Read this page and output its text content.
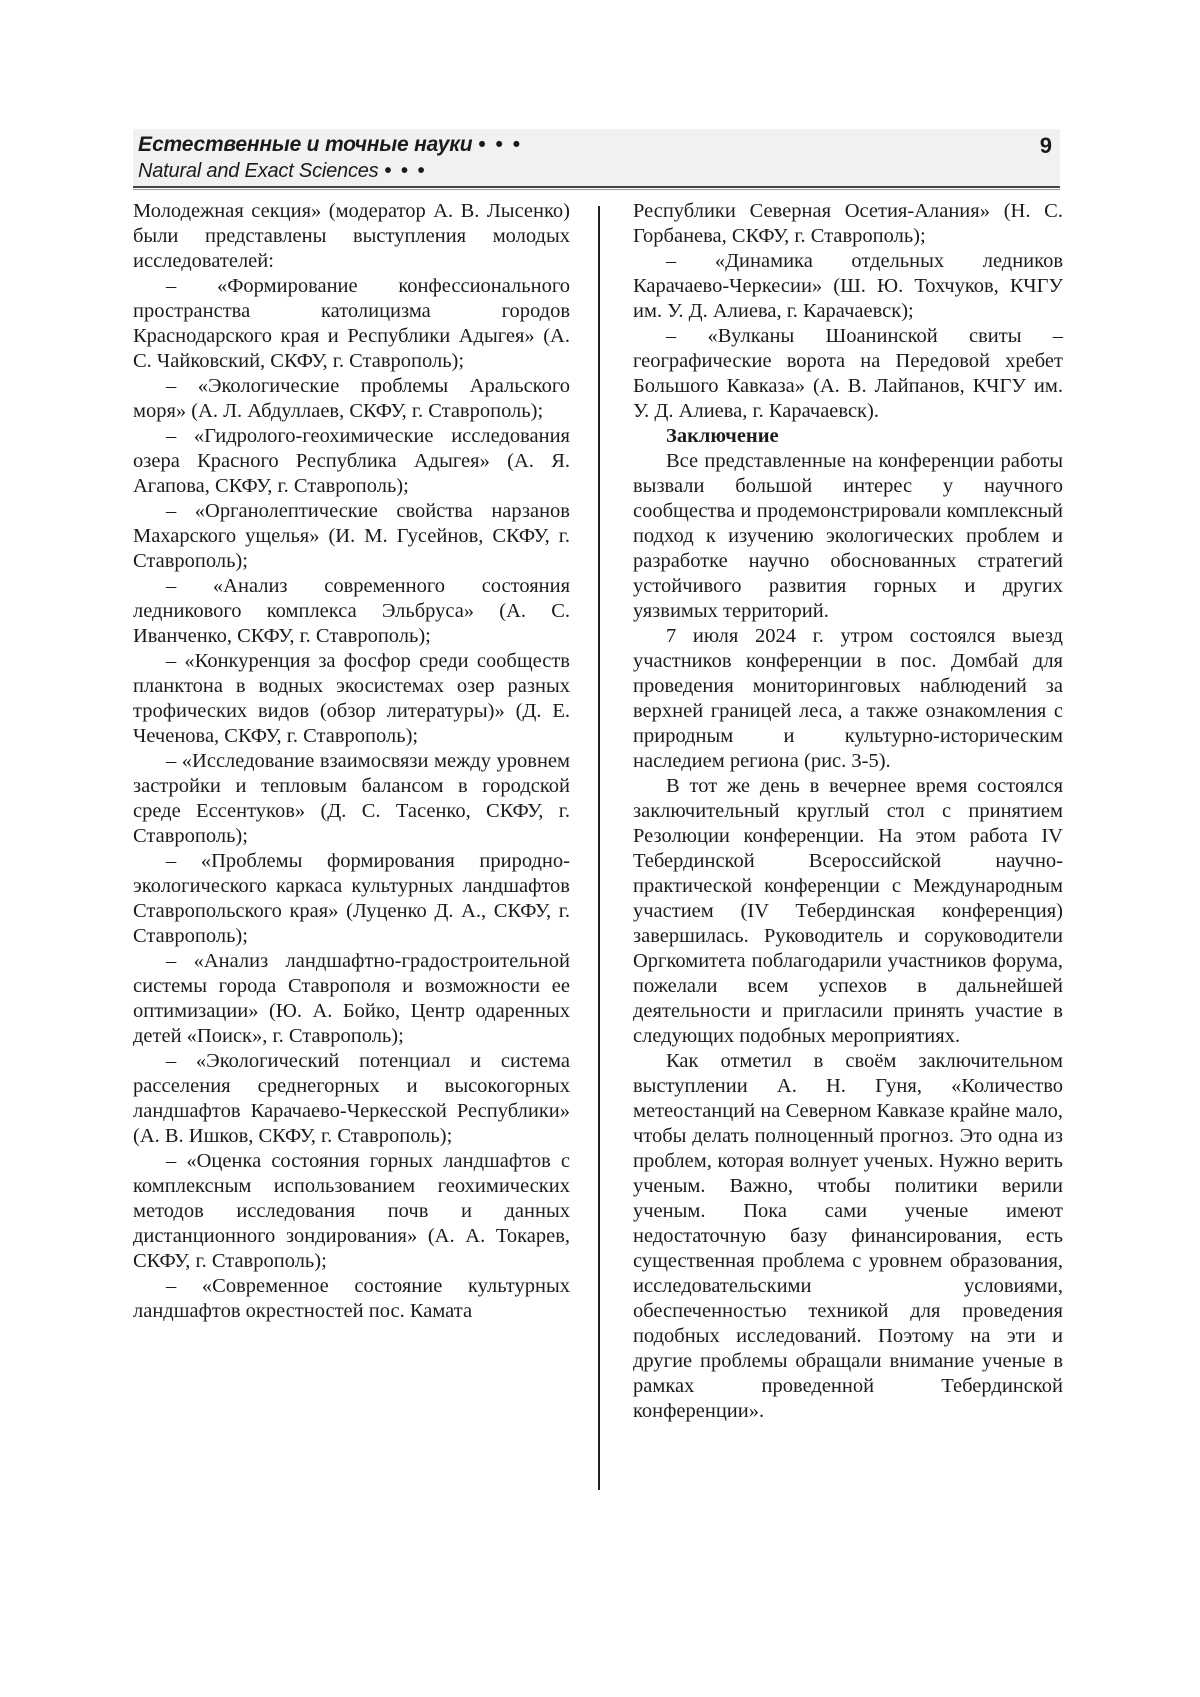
Естественные и точные науки • • •
Natural and Exact Sciences • • •
9

Молодежная секция» (модератор А. В. Лысенко) были представлены выступления молодых исследователей:

– «Формирование конфессионального пространства католицизма городов Краснодарского края и Республики Адыгея» (А. С. Чайковский, СКФУ, г. Ставрополь);

– «Экологические проблемы Аральского моря» (А. Л. Абдуллаев, СКФУ, г. Ставрополь);

– «Гидролого-геохимические исследования озера Красного Республика Адыгея» (А. Я. Агапова, СКФУ, г. Ставрополь);

– «Органолептические свойства нарзанов Махарского ущелья» (И. М. Гусейнов, СКФУ, г. Ставрополь);

– «Анализ современного состояния ледникового комплекса Эльбруса» (А. С. Иванченко, СКФУ, г. Ставрополь);

– «Конкуренция за фосфор среди сообществ планктона в водных экосистемах озер разных трофических видов (обзор литературы)» (Д. Е. Чеченова, СКФУ, г. Ставрополь);

– «Исследование взаимосвязи между уровнем застройки и тепловым балансом в городской среде Ессентуков» (Д. С. Тасенко, СКФУ, г. Ставрополь);

– «Проблемы формирования природно-экологического каркаса культурных ландшафтов Ставропольского края» (Луценко Д. А., СКФУ, г. Ставрополь);

– «Анализ ландшафтно-градостроительной системы города Ставрополя и возможности ее оптимизации» (Ю. А. Бойко, Центр одаренных детей «Поиск», г. Ставрополь);

– «Экологический потенциал и система расселения среднегорных и высокогорных ландшафтов Карачаево-Черкесской Республики» (А. В. Ишков, СКФУ, г. Ставрополь);

– «Оценка состояния горных ландшафтов с комплексным использованием геохимических методов исследования почв и данных дистанционного зондирования» (А. А. Токарев, СКФУ, г. Ставрополь);

– «Современное состояние культурных ландшафтов окрестностей пос. Камата

Республики Северная Осетия-Алания» (Н. С. Горбанева, СКФУ, г. Ставрополь);

– «Динамика отдельных ледников Карачаево-Черкесии» (Ш. Ю. Тохчуков, КЧГУ им. У. Д. Алиева, г. Карачаевск);

– «Вулканы Шоанинской свиты – географические ворота на Передовой хребет Большого Кавказа» (А. В. Лайпанов, КЧГУ им. У. Д. Алиева, г. Карачаевск).

Заключение

Все представленные на конференции работы вызвали большой интерес у научного сообщества и продемонстрировали комплексный подход к изучению экологических проблем и разработке научно обоснованных стратегий устойчивого развития горных и других уязвимых территорий.

7 июля 2024 г. утром состоялся выезд участников конференции в пос. Домбай для проведения мониторинговых наблюдений за верхней границей леса, а также ознакомления с природным и культурно-историческим наследием региона (рис. 3-5).

В тот же день в вечернее время состоялся заключительный круглый стол с принятием Резолюции конференции. На этом работа IV Тебердинской Всероссийской научно-практической конференции с Международным участием (IV Тебердинская конференция) завершилась. Руководитель и соруководители Оргкомитета поблагодарили участников форума, пожелали всем успехов в дальнейшей деятельности и пригласили принять участие в следующих подобных мероприятиях.

Как отметил в своём заключительном выступлении А. Н. Гуня, «Количество метеостанций на Северном Кавказе крайне мало, чтобы делать полноценный прогноз. Это одна из проблем, которая волнует ученых. Нужно верить ученым. Важно, чтобы политики верили ученым. Пока сами ученые имеют недостаточную базу финансирования, есть существенная проблема с уровнем образования, исследовательскими условиями, обеспеченностью техникой для проведения подобных исследований. Поэтому на эти и другие проблемы обращали внимание ученые в рамках проведенной Тебердинской конференции».
